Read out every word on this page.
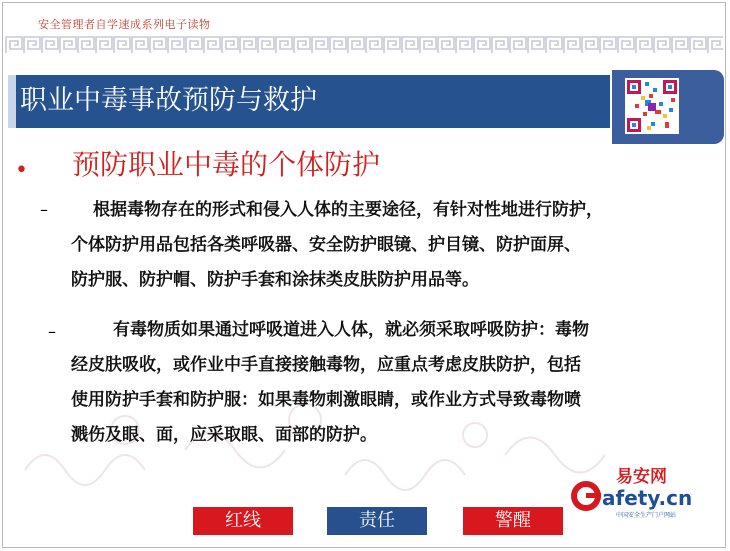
安全管理者自学速成系列电子读物
职业中毒事故预防与救护
• 预防职业中毒的个体防护
–	根据毒物存在的形式和侵入人体的主要途径，有针对性地进行防护，
个体防护用品包括各类呼吸器、安全防护眼镜、护目镜、防护面屏、
防护服、防护帽、防护手套和涂抹类皮肤防护用品等。
–	有毒物质如果通过呼吸道进入人体，就必须采取呼吸防护：毒物
经皮肤吸收，或作业中手直接接触毒物，应重点考虑皮肤防护，包括
使用防护手套和防护服：如果毒物刺激眼睛，或作业方式导致毒物喷
溅伤及眼、面，应采取眼、面部的防护。
易安网
afety.cn
中国安全生产门户网站
红线	责任	警醒
